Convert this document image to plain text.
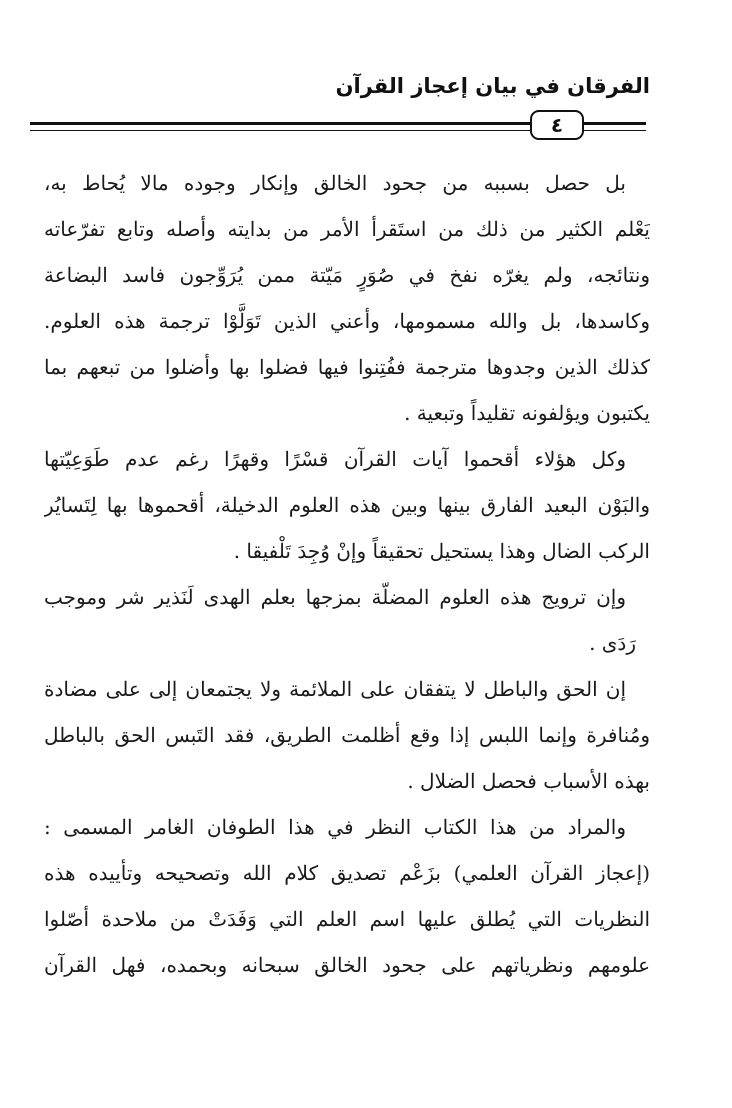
الفرقان في بيان إعجاز القرآن
٤
بل حصل بسببه من جحود الخالق وإنكار وجوده مالا يُحاط به،
يَعْلم الكثير من ذلك من استَقرأ الأمر من بدايته وأصله وتابع تفرّعاته
ونتائجه، ولم يغرّه نفخ في صُوَرٍ مَيّتة ممن يُرَوِّجون فاسد البضاعة
وكاسدها، بل والله مسمومها، وأعني الذين تَوَلَّوْا ترجمة هذه العلوم.
كذلك الذين وجدوها مترجمة ففُتِنوا فيها فضلوا بها وأضلوا من تبعهم بما
يكتبون ويؤلفونه تقليداً وتبعية .
وكل هؤلاء أقحموا آيات القرآن قسْرًا وقهرًا رغم عدم طَوَعِيّتها
والبَوْن البعيد الفارق بينها وبين هذه العلوم الدخيلة، أقحموها بها لِتَسايُر
الركب الضال وهذا يستحيل تحقيقاً وإنْ وُجِدَ تَلْفيقا .
وإن ترويج هذه العلوم المضلّة بمزجها بعلم الهدى لَنَذير شر وموجب
رَدَى .
إن الحق والباطل لا يتفقان على الملائمة ولا يجتمعان إلى على مضادة
ومُنافرة وإنما اللبس إذا وقع أظلمت الطريق، فقد التَبس الحق بالباطل
بهذه الأسباب فحصل الضلال .
والمراد من هذا الكتاب النظر في هذا الطوفان الغامر المسمى :
(إعجاز القرآن العلمي) بزَعْم تصديق كلام الله وتصحيحه وتأييده هذه
النظريات التي يُطلق عليها اسم العلم التي وَفَدَتْ من ملاحدة أصّلوا
علومهم ونظرياتهم على جحود الخالق سبحانه وبحمده، فهل القرآن
